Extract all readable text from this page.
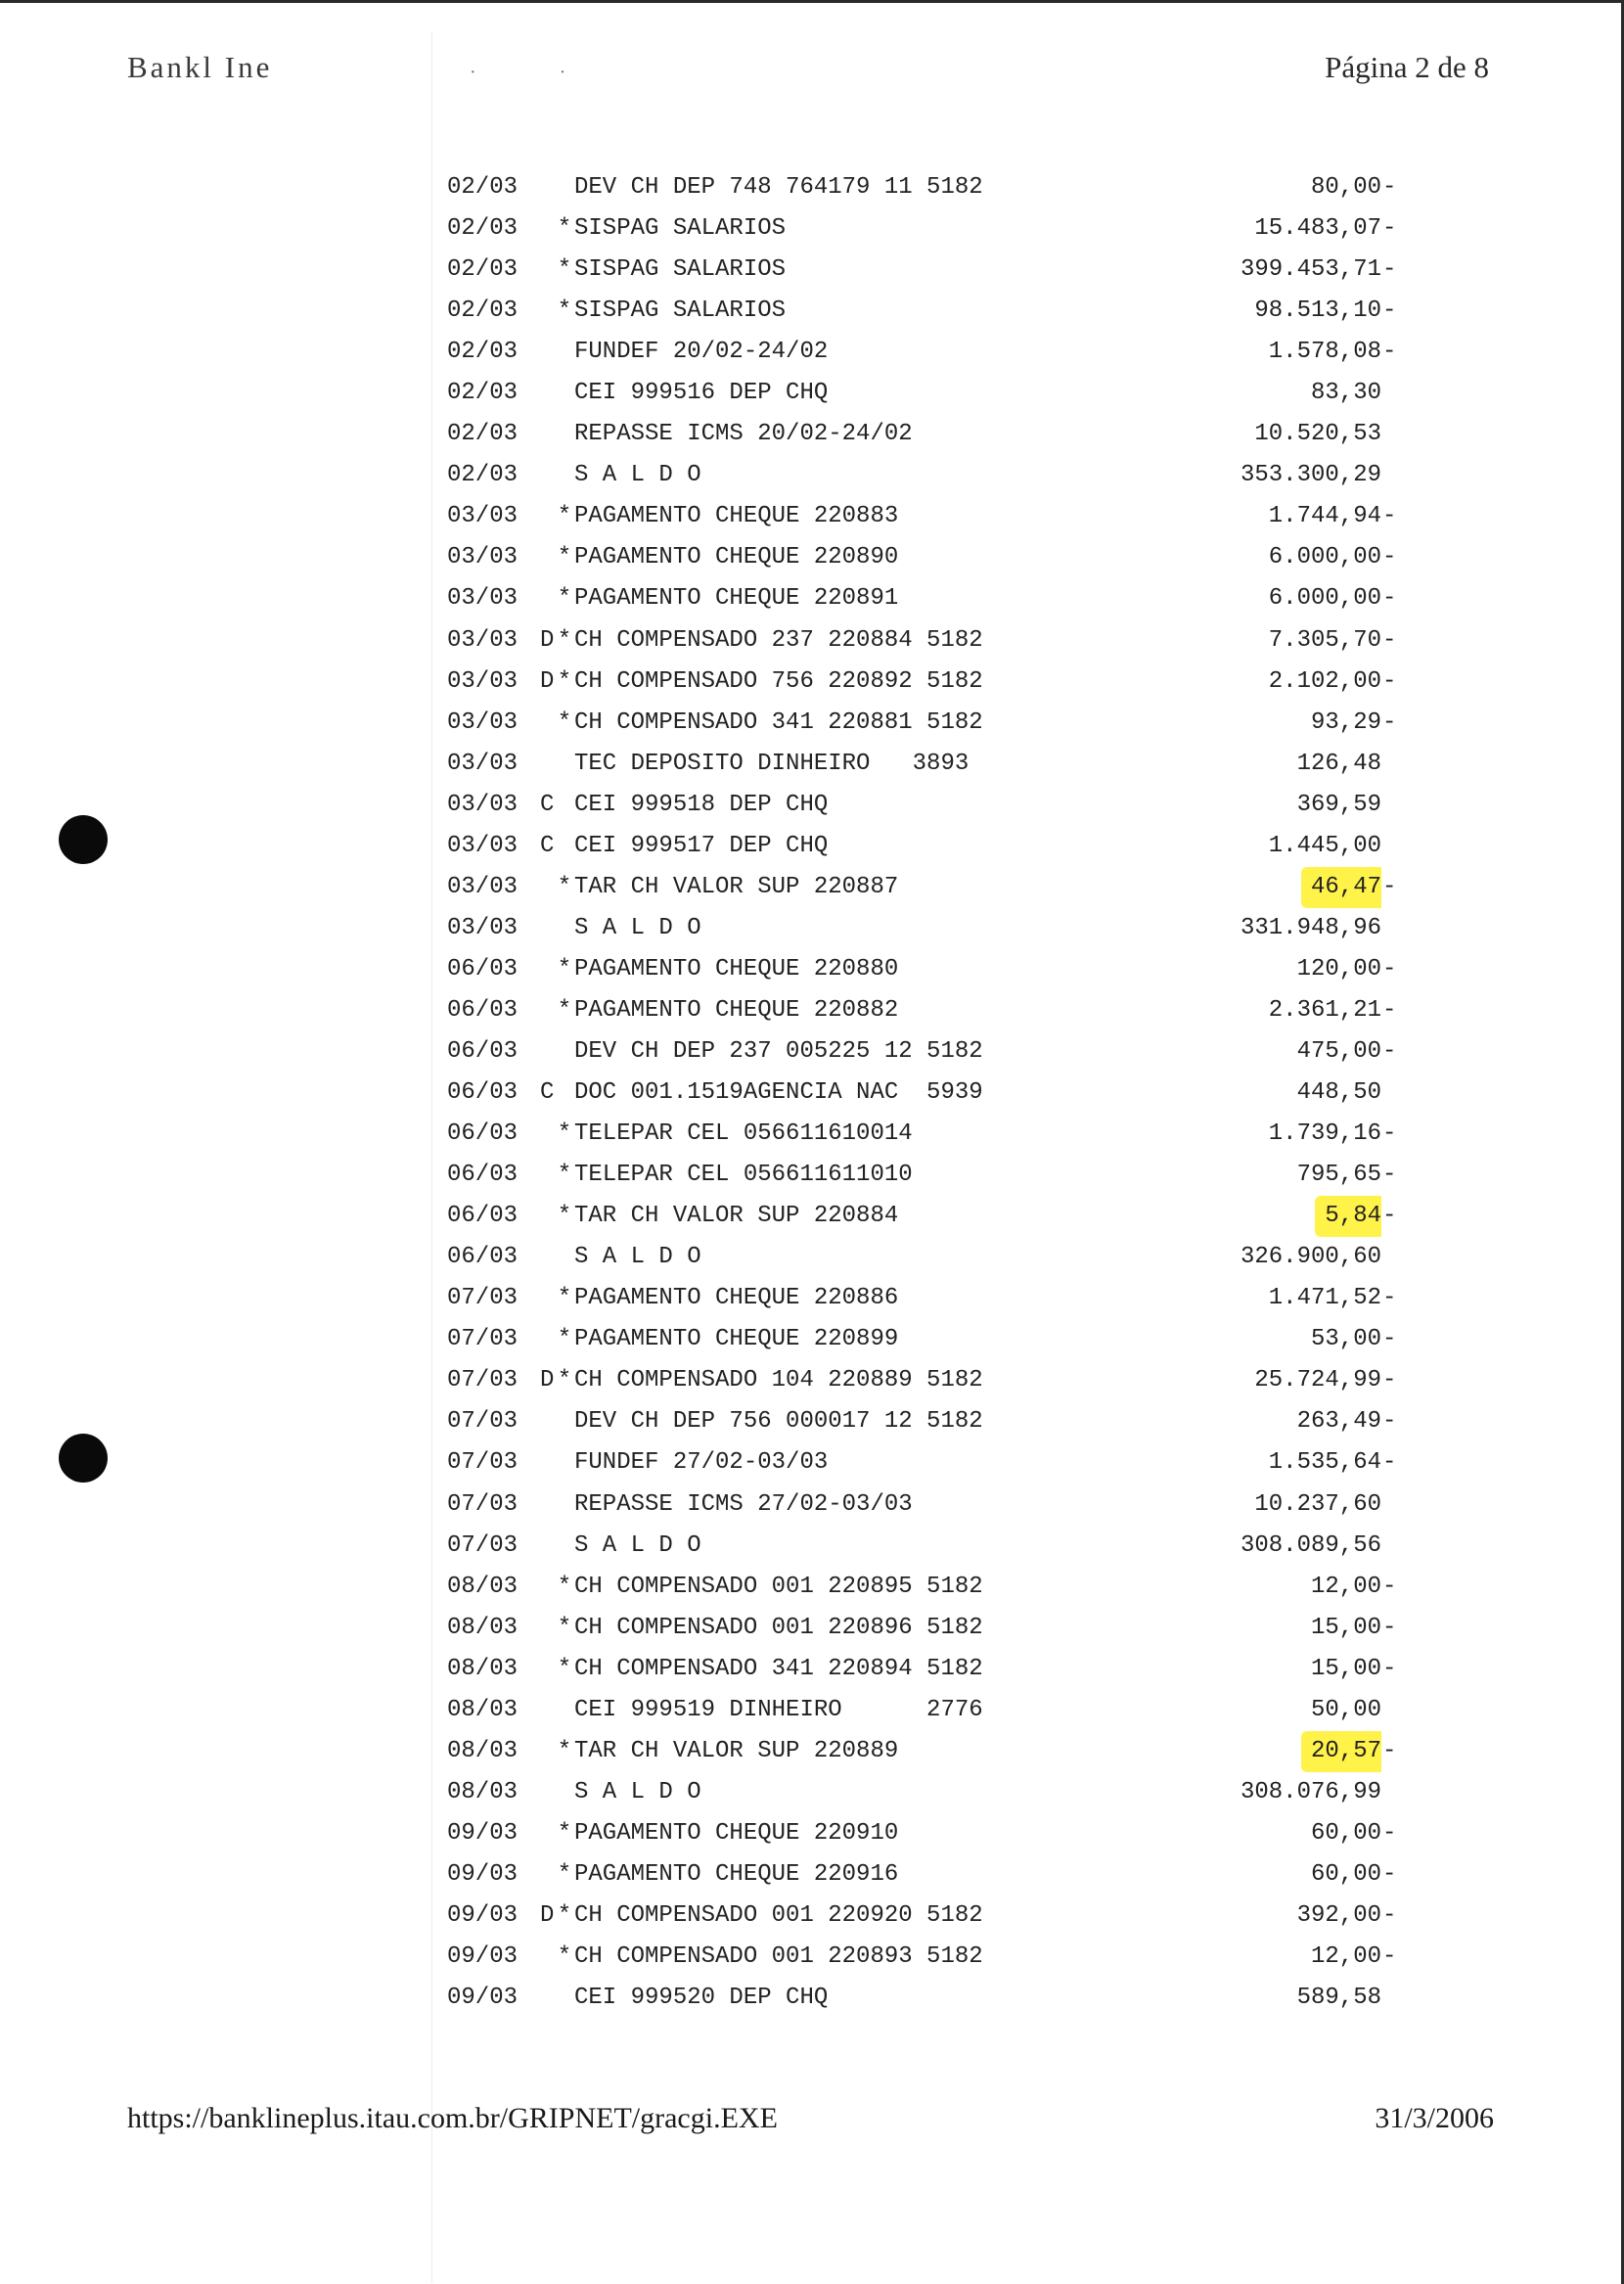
Bankl Ine	Página 2 de 8
· ·
02/03 DEV CH DEP 748 764179 11 5182	80,00 -
02/03 * SISPAG SALARIOS	15.483,07 -
02/03 * SISPAG SALARIOS	399.453,71 -
02/03 * SISPAG SALARIOS	98.513,10 -
02/03 FUNDEF 20/02-24/02	1.578,08 -
02/03 CEI 999516 DEP CHQ	83,30
02/03 REPASSE ICMS 20/02-24/02	10.520,53
02/03 S A L D O	353.300,29
03/03 * PAGAMENTO CHEQUE 220883	1.744,94 -
03/03 * PAGAMENTO CHEQUE 220890	6.000,00 -
03/03 * PAGAMENTO CHEQUE 220891	6.000,00 -
03/03 D * CH COMPENSADO 237 220884 5182	7.305,70 -
03/03 D * CH COMPENSADO 756 220892 5182	2.102,00 -
03/03 * CH COMPENSADO 341 220881 5182	93,29 -
03/03 TEC DEPOSITO DINHEIRO   3893	126,48
03/03 C CEI 999518 DEP CHQ	369,59
03/03 C CEI 999517 DEP CHQ	1.445,00
03/03 * TAR CH VALOR SUP 220887	46,47 -
03/03 S A L D O	331.948,96
06/03 * PAGAMENTO CHEQUE 220880	120,00 -
06/03 * PAGAMENTO CHEQUE 220882	2.361,21 -
06/03 DEV CH DEP 237 005225 12 5182	475,00 -
06/03 C DOC 001.1519AGENCIA NAC  5939	448,50
06/03 * TELEPAR CEL 056611610014	1.739,16 -
06/03 * TELEPAR CEL 056611611010	795,65 -
06/03 * TAR CH VALOR SUP 220884	5,84 -
06/03 S A L D O	326.900,60
07/03 * PAGAMENTO CHEQUE 220886	1.471,52 -
07/03 * PAGAMENTO CHEQUE 220899	53,00 -
07/03 D * CH COMPENSADO 104 220889 5182	25.724,99 -
07/03 DEV CH DEP 756 000017 12 5182	263,49 -
07/03 FUNDEF 27/02-03/03	1.535,64 -
07/03 REPASSE ICMS 27/02-03/03	10.237,60
07/03 S A L D O	308.089,56
08/03 * CH COMPENSADO 001 220895 5182	12,00 -
08/03 * CH COMPENSADO 001 220896 5182	15,00 -
08/03 * CH COMPENSADO 341 220894 5182	15,00 -
08/03 CEI 999519 DINHEIRO      2776	50,00
08/03 * TAR CH VALOR SUP 220889	20,57 -
08/03 S A L D O	308.076,99
09/03 * PAGAMENTO CHEQUE 220910	60,00 -
09/03 * PAGAMENTO CHEQUE 220916	60,00 -
09/03 D * CH COMPENSADO 001 220920 5182	392,00 -
09/03 * CH COMPENSADO 001 220893 5182	12,00 -
09/03 CEI 999520 DEP CHQ	589,58
https://banklineplus.itau.com.br/GRIPNET/gracgi.EXE	31/3/2006
